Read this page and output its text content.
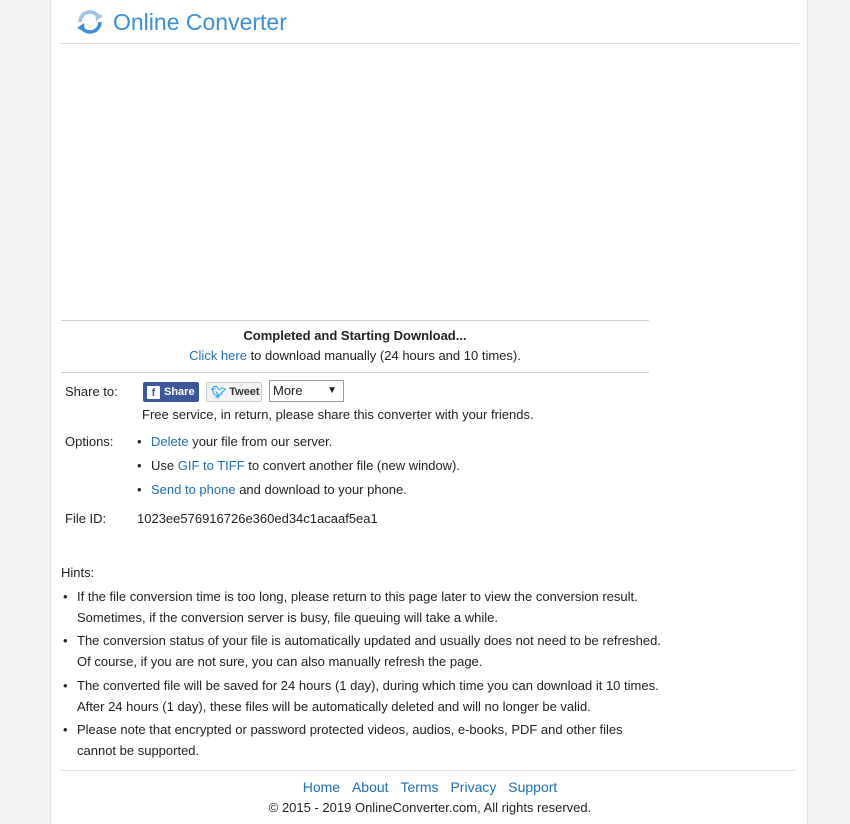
Online Converter
Completed and Starting Download...
Click here to download manually (24 hours and 10 times).
Share to:	f Share 🐦︎ Tweet	More ▼
Free service, in return, please share this converter with your friends.
Options:
•	Delete your file from our server.
• Use GIF to TIFF to convert another file (new window).
• Send to phone and download to your phone.
File ID: 1023ee576916726e360ed34c1acaaf5ea1
Hints:
• If the file conversion time is too long, please return to this page later to view the conversion result. Sometimes, if the conversion server is busy, file queuing will take a while.
• The conversion status of your file is automatically updated and usually does not need to be refreshed. Of course, if you are not sure, you can also manually refresh the page.
• The converted file will be saved for 24 hours (1 day), during which time you can download it 10 times. After 24 hours (1 day), these files will be automatically deleted and will no longer be valid.
• Please note that encrypted or password protected videos, audios, e-books, PDF and other files cannot be supported.
Home About Terms Privacy Support
© 2015 - 2019 OnlineConverter.com, All rights reserved.
